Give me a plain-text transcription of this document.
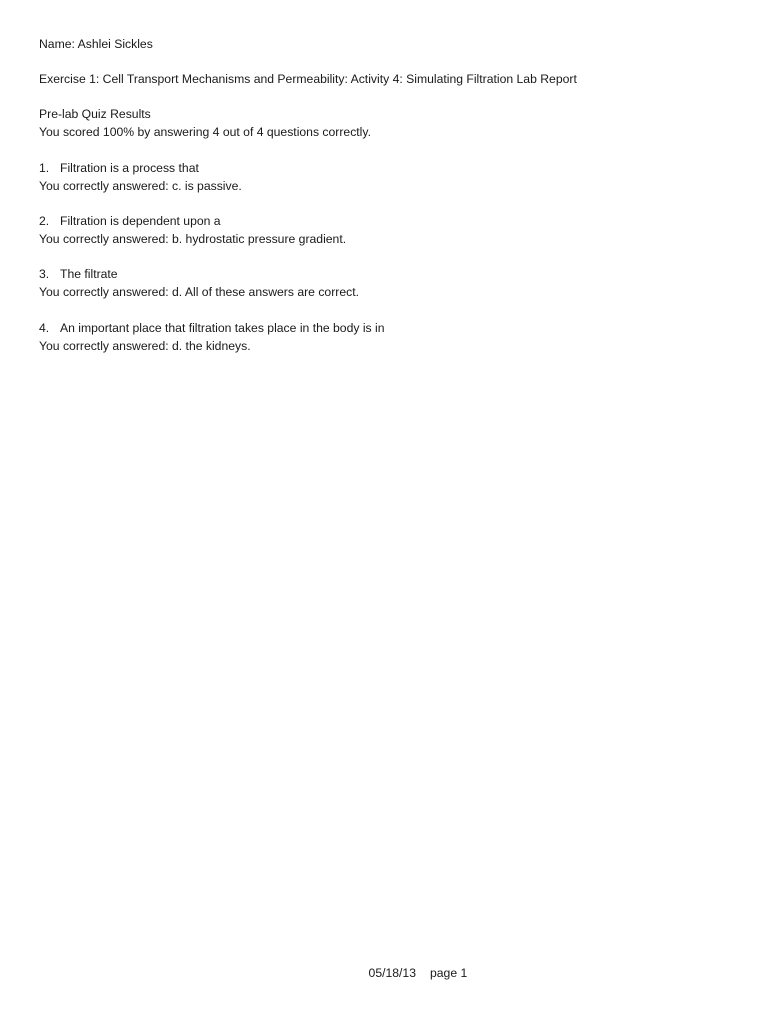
Name: Ashlei Sickles

Exercise 1: Cell Transport Mechanisms and Permeability: Activity 4: Simulating Filtration Lab Report

Pre-lab Quiz Results

You scored 100% by answering 4 out of 4 questions correctly.

1. Filtration is a process that
You correctly answered: c. is passive.
2. Filtration is dependent upon a
You correctly answered: b. hydrostatic pressure gradient.
3. The filtrate
You correctly answered: d. All of these answers are correct.
4. An important place that filtration takes place in the body is in
You correctly answered: d. the kidneys.

05/18/13 page 1
